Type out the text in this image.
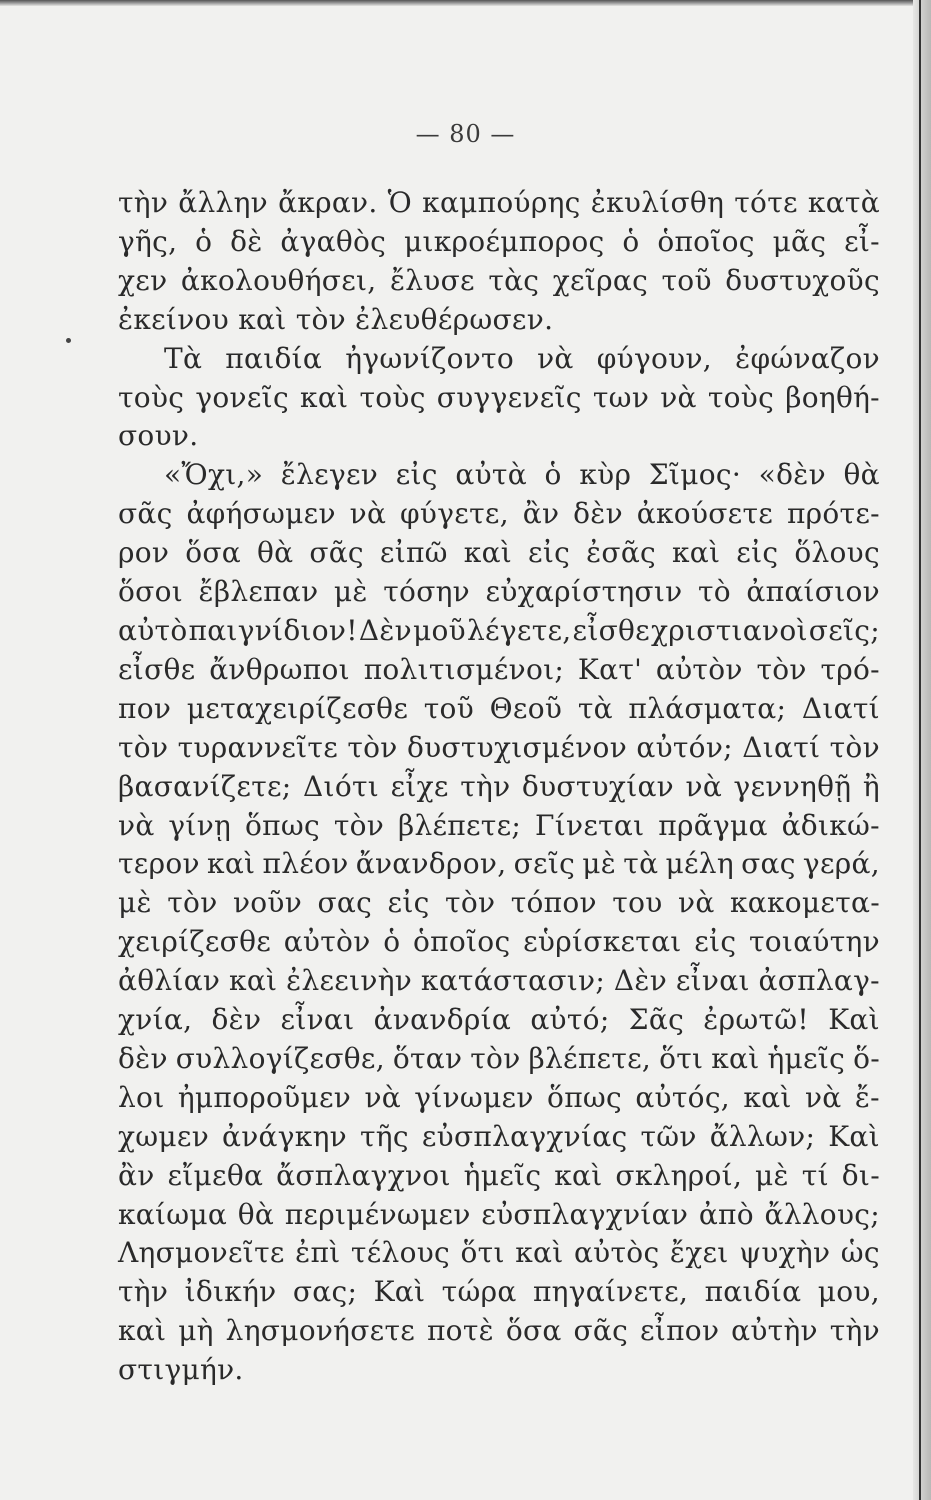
— 80 —
τὴν ἄλλην ἄκραν. Ὁ καμπούρης ἐκυλίσθη τότε κατὰ
γῆς, ὁ δὲ ἀγαθὸς μικροέμπορος ὁ ὁποῖος μᾶς εἶ-
χεν ἀκολουθήσει, ἔλυσε τὰς χεῖρας τοῦ δυστυχοῦς
ἐκείνου καὶ τὸν ἐλευθέρωσεν.
Τὰ παιδία ἠγωνίζοντο νὰ φύγουν, ἐφώναζον
τοὺς γονεῖς καὶ τοὺς συγγενεῖς των νὰ τοὺς βοηθή-
σουν.
«Ὄχι,» ἔλεγεν εἰς αὐτὰ ὁ κὺρ Σῖμος· «δὲν θὰ
σᾶς ἀφήσωμεν νὰ φύγετε, ἂν δὲν ἀκούσετε πρότε-
ρον ὅσα θὰ σᾶς εἰπῶ καὶ εἰς ἐσᾶς καὶ εἰς ὅλους
ὅσοι ἔβλεπαν μὲ τόσην εὐχαρίστησιν τὸ ἀπαίσιον
αὐτὸ παιγνίδιον! Δὲν μοῦ λέγετε, εἶσθε χριστιανοὶ σεῖς;
εἶσθε ἄνθρωποι πολιτισμένοι; Κατ' αὐτὸν τὸν τρό-
πον μεταχειρίζεσθε τοῦ Θεοῦ τὰ πλάσματα; Διατί
τὸν τυραννεῖτε τὸν δυστυχισμένον αὐτόν; Διατί τὸν
βασανίζετε; Διότι εἶχε τὴν δυστυχίαν νὰ γεννηθῇ ἢ
νὰ γίνῃ ὅπως τὸν βλέπετε; Γίνεται πρᾶγμα ἀδικώ-
τερον καὶ πλέον ἄνανδρον, σεῖς μὲ τὰ μέλη σας γερά,
μὲ τὸν νοῦν σας εἰς τὸν τόπον του νὰ κακομετα-
χειρίζεσθε αὐτὸν ὁ ὁποῖος εὑρίσκεται εἰς τοιαύτην
ἀθλίαν καὶ ἐλεεινὴν κατάστασιν; Δὲν εἶναι ἀσπλαγ-
χνία, δὲν εἶναι ἀνανδρία αὐτό; Σᾶς ἐρωτῶ! Καὶ
δὲν συλλογίζεσθε, ὅταν τὸν βλέπετε, ὅτι καὶ ἡμεῖς ὅ-
λοι ἠμποροῦμεν νὰ γίνωμεν ὅπως αὐτός, καὶ νὰ ἔ-
χωμεν ἀνάγκην τῆς εὐσπλαγχνίας τῶν ἄλλων; Καὶ
ἂν εἴμεθα ἄσπλαγχνοι ἡμεῖς καὶ σκληροί, μὲ τί δι-
καίωμα θὰ περιμένωμεν εὐσπλαγχνίαν ἀπὸ ἄλλους;
Λησμονεῖτε ἐπὶ τέλους ὅτι καὶ αὐτὸς ἔχει ψυχὴν ὡς
τὴν ἰδικήν σας; Καὶ τώρα πηγαίνετε, παιδία μου,
καὶ μὴ λησμονήσετε ποτὲ ὅσα σᾶς εἶπον αὐτὴν τὴν
στιγμήν.
